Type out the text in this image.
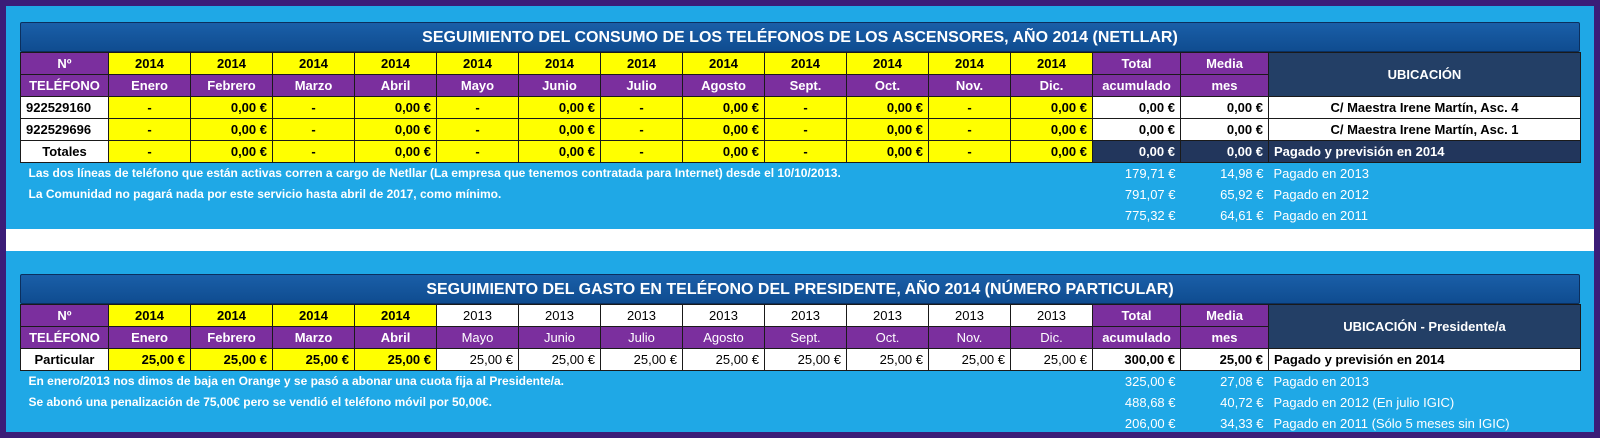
SEGUIMIENTO DEL CONSUMO DE LOS TELÉFONOS DE LOS ASCENSORES, AÑO 2014 (NETLLAR)
Nº	2014	2014	2014	2014	2014	2014	2014	2014	2014	2014	2014	2014	Total	Media	UBICACIÓN
TELÉFONO	Enero	Febrero	Marzo	Abril	Mayo	Junio	Julio	Agosto	Sept.	Oct.	Nov.	Dic.	acumulado	mes	
922529160	-	0,00 €	-	0,00 €	-	0,00 €	-	0,00 €	-	0,00 €	-	0,00 €	0,00 €	0,00 €	C/ Maestra Irene Martín, Asc. 4
922529696	-	0,00 €	-	0,00 €	-	0,00 €	-	0,00 €	-	0,00 €	-	0,00 €	0,00 €	0,00 €	C/ Maestra Irene Martín, Asc. 1
Totales	-	0,00 €	-	0,00 €	-	0,00 €	-	0,00 €	-	0,00 €	-	0,00 €	0,00 €	0,00 €	Pagado y previsión en 2014
Las dos líneas de teléfono que están activas corren a cargo de Netllar (La empresa que tenemos contratada para Internet) desde el 10/10/2013.													179,71 €	14,98 €	Pagado en 2013
La Comunidad no pagará nada por este servicio hasta abril de 2017, como mínimo.													791,07 €	65,92 €	Pagado en 2012
													775,32 €	64,61 €	Pagado en 2011
SEGUIMIENTO DEL GASTO EN TELÉFONO DEL PRESIDENTE, AÑO 2014 (NÚMERO PARTICULAR)
Nº	2014	2014	2014	2014	2013	2013	2013	2013	2013	2013	2013	2013	Total	Media	UBICACIÓN - Presidente/a
TELÉFONO	Enero	Febrero	Marzo	Abril	Mayo	Junio	Julio	Agosto	Sept.	Oct.	Nov.	Dic.	acumulado	mes	
Particular	25,00 €	25,00 €	25,00 €	25,00 €	25,00 €	25,00 €	25,00 €	25,00 €	25,00 €	25,00 €	25,00 €	25,00 €	300,00 €	25,00 €	Pagado y previsión en 2014
En enero/2013 nos dimos de baja en Orange y se pasó a abonar una cuota fija al Presidente/a.													325,00 €	27,08 €	Pagado en 2013
Se abonó una penalización de 75,00€ pero se vendió el teléfono móvil por 50,00€.													488,68 €	40,72 €	Pagado en 2012 (En julio IGIC)
													206,00 €	34,33 €	Pagado en 2011 (Sólo 5 meses sin IGIC)
